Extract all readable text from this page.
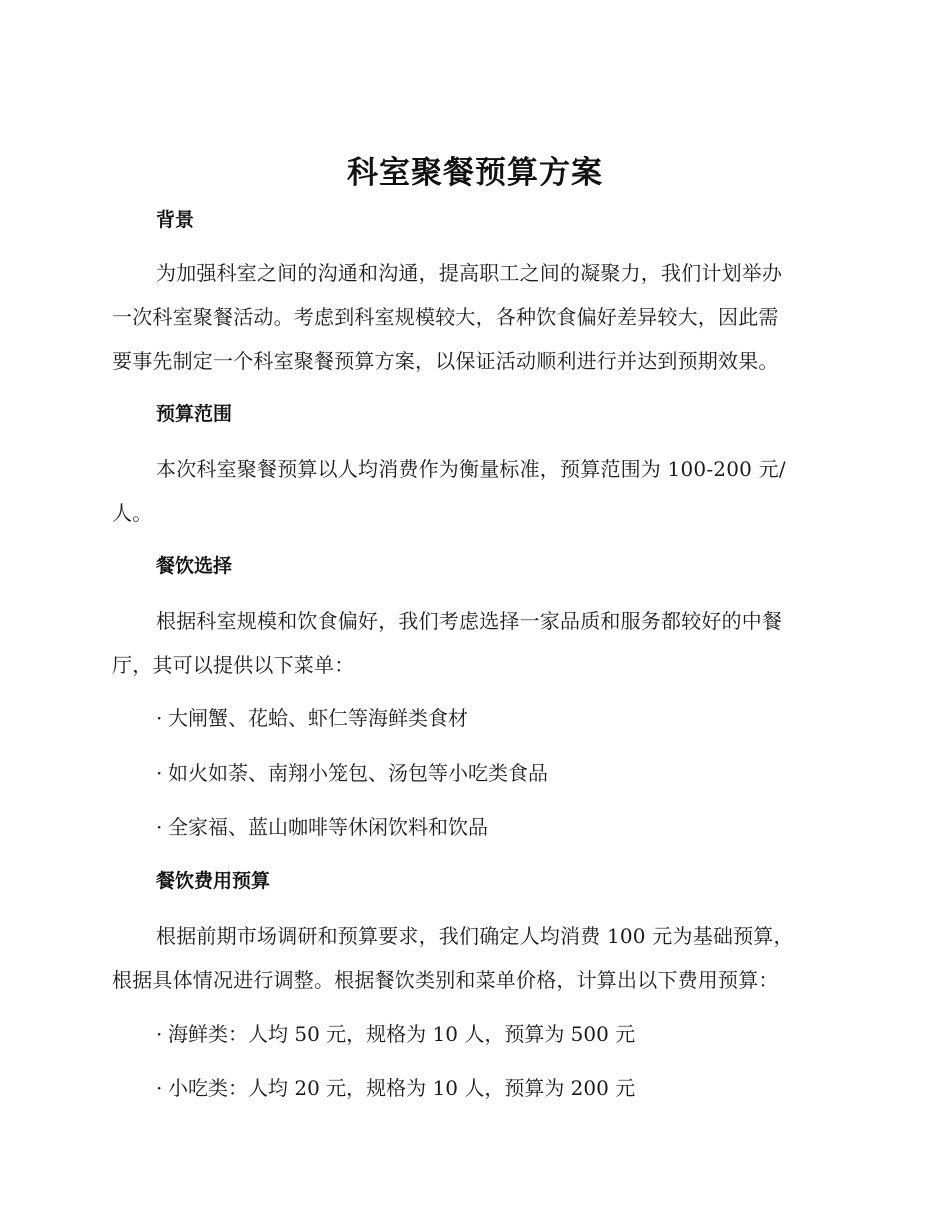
科室聚餐预算方案
背景
为加强科室之间的沟通和沟通，提高职工之间的凝聚力，我们计划举办
一次科室聚餐活动。考虑到科室规模较大，各种饮食偏好差异较大，因此需
要事先制定一个科室聚餐预算方案，以保证活动顺利进行并达到预期效果。
预算范围
本次科室聚餐预算以人均消费作为衡量标准，预算范围为 100-200 元/
人。
餐饮选择
根据科室规模和饮食偏好，我们考虑选择一家品质和服务都较好的中餐
厅，其可以提供以下菜单：
· 大闸蟹、花蛤、虾仁等海鲜类食材
· 如火如荼、南翔小笼包、汤包等小吃类食品
· 全家福、蓝山咖啡等休闲饮料和饮品
餐饮费用预算
根据前期市场调研和预算要求，我们确定人均消费 100 元为基础预算，
根据具体情况进行调整。根据餐饮类别和菜单价格，计算出以下费用预算：
· 海鲜类：人均 50 元，规格为 10 人，预算为 500 元
· 小吃类：人均 20 元，规格为 10 人，预算为 200 元
